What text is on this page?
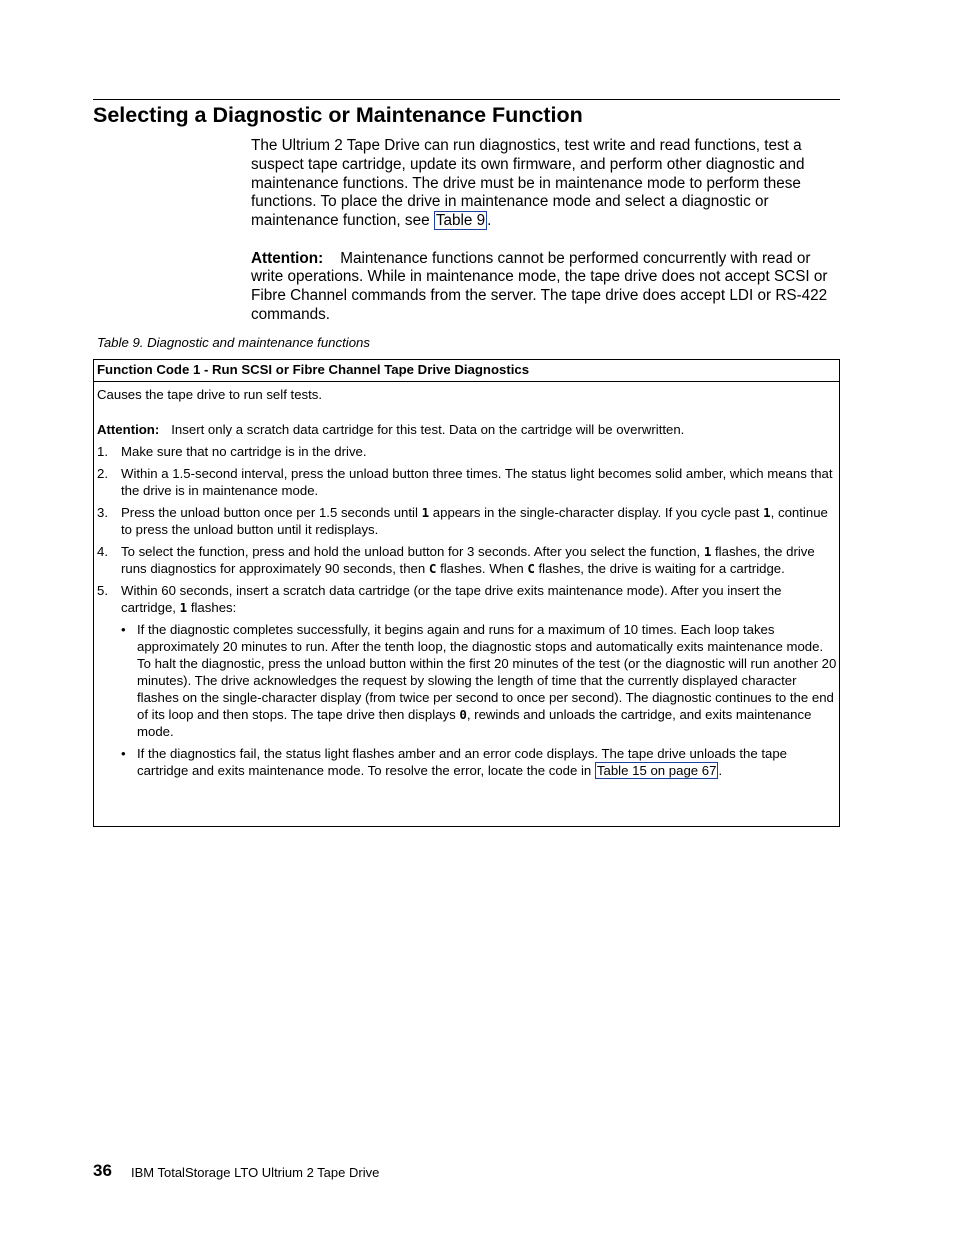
Selecting a Diagnostic or Maintenance Function

The Ultrium 2 Tape Drive can run diagnostics, test write and read functions, test a suspect tape cartridge, update its own firmware, and perform other diagnostic and maintenance functions. The drive must be in maintenance mode to perform these functions. To place the drive in maintenance mode and select a diagnostic or maintenance function, see Table 9 .

Attention: Maintenance functions cannot be performed concurrently with read or write operations. While in maintenance mode, the tape drive does not accept SCSI or Fibre Channel commands from the server. The tape drive does accept LDI or RS-422 commands.

Table 9. Diagnostic and maintenance functions
Function Code 1 - Run SCSI or Fibre Channel Tape Drive Diagnostics

Causes the tape drive to run self tests.

Attention: Insert only a scratch data cartridge for this test. Data on the cartridge will be overwritten.

1. Make sure that no cartridge is in the drive.
2. Within a 1.5-second interval, press the unload button three times. The status light becomes solid amber, which means that the drive is in maintenance mode.
3. Press the unload button once per 1.5 seconds until 1 appears in the single-character display. If you cycle past 1, continue to press the unload button until it redisplays.
4. To select the function, press and hold the unload button for 3 seconds. After you select the function, 1 flashes, the drive runs diagnostics for approximately 90 seconds, then C flashes. When C flashes, the drive is waiting for a cartridge.
5. Within 60 seconds, insert a scratch data cartridge (or the tape drive exits maintenance mode). After you insert the cartridge, 1 flashes:
• If the diagnostic completes successfully, it begins again and runs for a maximum of 10 times. Each loop takes approximately 20 minutes to run. After the tenth loop, the diagnostic stops and automatically exits maintenance mode. To halt the diagnostic, press the unload button within the first 20 minutes of the test (or the diagnostic will run another 20 minutes). The drive acknowledges the request by slowing the length of time that the currently displayed character flashes on the single-character display (from twice per second to once per second). The diagnostic continues to the end of its loop and then stops. The tape drive then displays 0, rewinds and unloads the cartridge, and exits maintenance mode.
• If the diagnostics fail, the status light flashes amber and an error code displays. The tape drive unloads the tape cartridge and exits maintenance mode. To resolve the error, locate the code in Table 15 on page 67 .
36 IBM TotalStorage LTO Ultrium 2 Tape Drive
